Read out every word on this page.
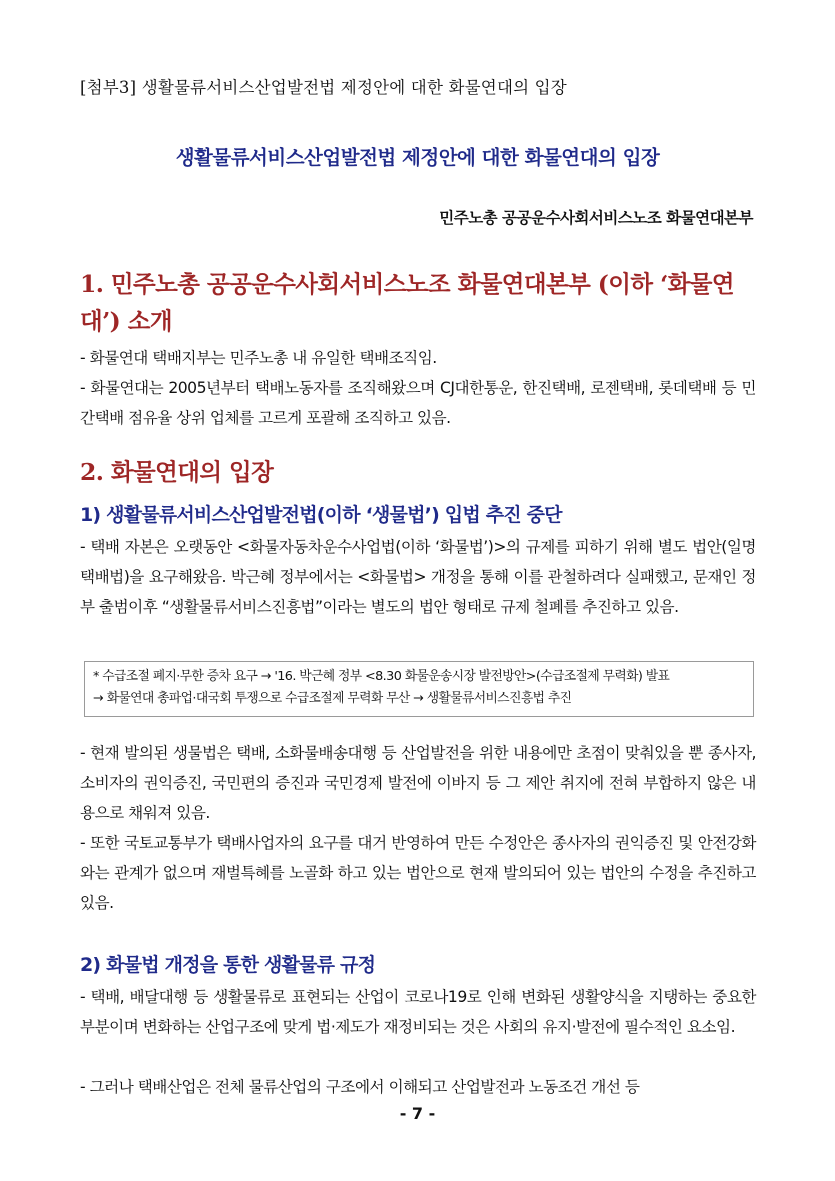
[첨부3] 생활물류서비스산업발전법 제정안에 대한 화물연대의 입장
생활물류서비스산업발전법 제정안에 대한 화물연대의 입장
민주노총 공공운수사회서비스노조 화물연대본부
1. 민주노총 공공운수사회서비스노조 화물연대본부 (이하 ‘화물연대’) 소개
- 화물연대 택배지부는 민주노총 내 유일한 택배조직임.
- 화물연대는 2005년부터 택배노동자를 조직해왔으며 CJ대한통운, 한진택배, 로젠택배, 롯데택배 등 민간택배 점유율 상위 업체를 고르게 포괄해 조직하고 있음.
2. 화물연대의 입장
1) 생활물류서비스산업발전법(이하 ‘생물법’) 입법 추진 중단
- 택배 자본은 오랫동안 <화물자동차운수사업법(이하 ‘화물법’)>의 규제를 피하기 위해 별도 법안(일명 택배법)을 요구해왔음. 박근혜 정부에서는 <화물법> 개정을 통해 이를 관철하려다 실패했고, 문재인 정부 출범이후 “생활물류서비스진흥법”이라는 별도의 법안 형태로 규제 철폐를 추진하고 있음.
* 수급조절 폐지·무한 증차 요구 → '16. 박근혜 정부 <8.30 화물운송시장 발전방안>(수급조절제 무력화) 발표
→ 화물연대 총파업·대국회 투쟁으로 수급조절제 무력화 무산 → 생활물류서비스진흥법 추진
- 현재 발의된 생물법은 택배, 소화물배송대행 등 산업발전을 위한 내용에만 초점이 맞춰있을 뿐 종사자, 소비자의 권익증진, 국민편의 증진과 국민경제 발전에 이바지 등 그 제안 취지에 전혀 부합하지 않은 내용으로 채워져 있음.
- 또한 국토교통부가 택배사업자의 요구를 대거 반영하여 만든 수정안은 종사자의 권익증진 및 안전강화와는 관계가 없으며 재벌특혜를 노골화 하고 있는 법안으로 현재 발의되어 있는 법안의 수정을 추진하고 있음.
2) 화물법 개정을 통한 생활물류 규정
- 택배, 배달대행 등 생활물류로 표현되는 산업이 코로나19로 인해 변화된 생활양식을 지탱하는 중요한 부분이며 변화하는 산업구조에 맞게 법·제도가 재정비되는 것은 사회의 유지·발전에 필수적인 요소임.
- 그러나 택배산업은 전체 물류산업의 구조에서 이해되고 산업발전과 노동조건 개선 등
- 7 -
